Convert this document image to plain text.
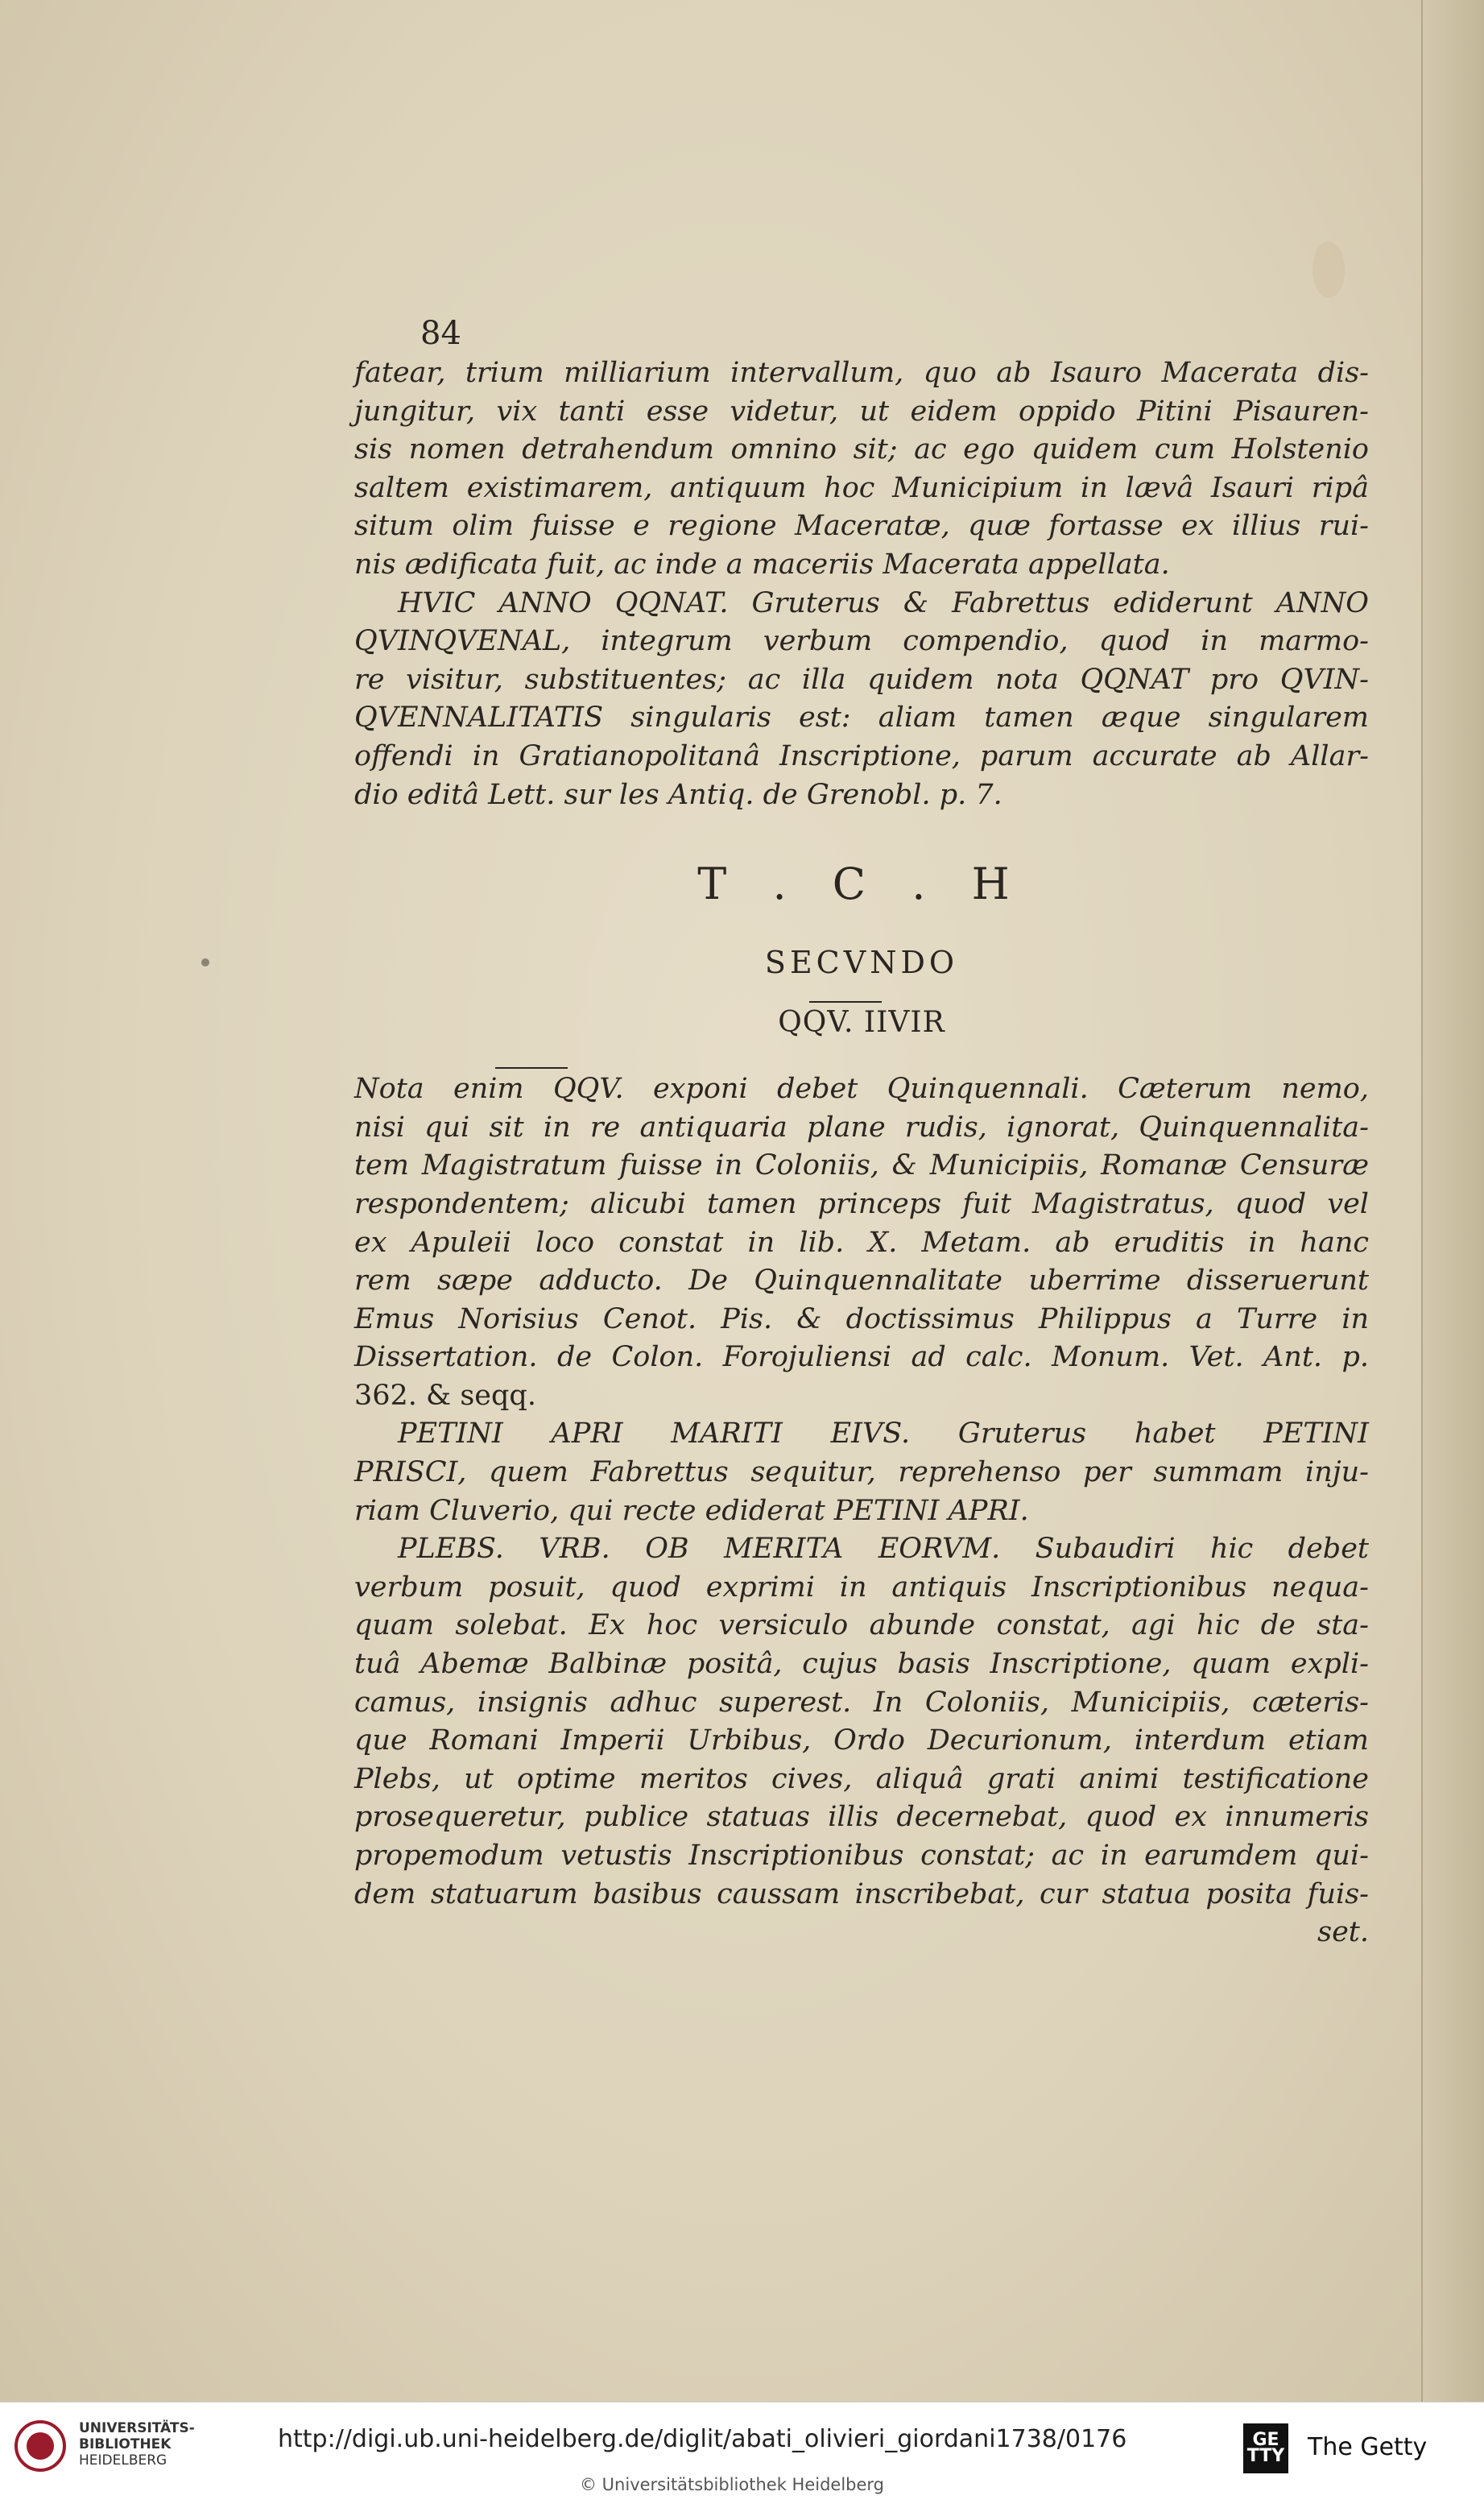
84
fatear, trium milliarium intervallum, quo ab Isauro Macerata dis-
jungitur, vix tanti esse videtur, ut eidem oppido Pitini Pisauren-
sis nomen detrahendum omnino sit; ac ego quidem cum Holstenio
saltem existimarem, antiquum hoc Municipium in lævâ Isauri ripâ
situm olim fuisse e regione Maceratæ, quæ fortasse ex illius rui-
nis ædificata fuit, ac inde a maceriis Macerata appellata.
HVIC ANNO QQNAT. Gruterus & Fabrettus ediderunt ANNO
QVINQVENAL, integrum verbum compendio, quod in marmo-
re visitur, substituentes; ac illa quidem nota QQNAT pro QVIN-
QVENNALITATIS singularis est: aliam tamen æque singularem
offendi in Gratianopolitanâ Inscriptione, parum accurate ab Allar-
dio editâ Lett. sur les Antiq. de Grenobl. p. 7.
T . C . H
SECVNDO
QQV. IIVIR
Nota enim QQV. exponi debet Quinquennali. Cæterum nemo,
nisi qui sit in re antiquaria plane rudis, ignorat, Quinquennalita-
tem Magistratum fuisse in Coloniis, & Municipiis, Romanæ Censuræ
respondentem; alicubi tamen princeps fuit Magistratus, quod vel
ex Apuleii loco constat in lib. X. Metam. ab eruditis in hanc
rem sæpe adducto. De Quinquennalitate uberrime disseruerunt
Emus Norisius Cenot. Pis. & doctissimus Philippus a Turre in
Dissertation. de Colon. Forojuliensi ad calc. Monum. Vet. Ant. p.
362. & seqq.
PETINI APRI MARITI EIVS. Gruterus habet PETINI
PRISCI, quem Fabrettus sequitur, reprehenso per summam inju-
riam Cluverio, qui recte ediderat PETINI APRI.
PLEBS. VRB. OB MERITA EORVM. Subaudiri hic debet
verbum posuit, quod exprimi in antiquis Inscriptionibus nequa-
quam solebat. Ex hoc versiculo abunde constat, agi hic de sta-
tuâ Abemæ Balbinæ positâ, cujus basis Inscriptione, quam expli-
camus, insignis adhuc superest. In Coloniis, Municipiis, cæteris-
que Romani Imperii Urbibus, Ordo Decurionum, interdum etiam
Plebs, ut optime meritos cives, aliquâ grati animi testificatione
prosequeretur, publice statuas illis decernebat, quod ex innumeris
propemodum vetustis Inscriptionibus constat; ac in earumdem qui-
dem statuarum basibus caussam inscribebat, cur statua posita fuis-
set.
UNIVERSITÄTS-
BIBLIOTHEK
HEIDELBERG
http://digi.ub.uni-heidelberg.de/diglit/abati_olivieri_giordani1738/0176
© Universitätsbibliothek Heidelberg
GE
TTY The Getty
